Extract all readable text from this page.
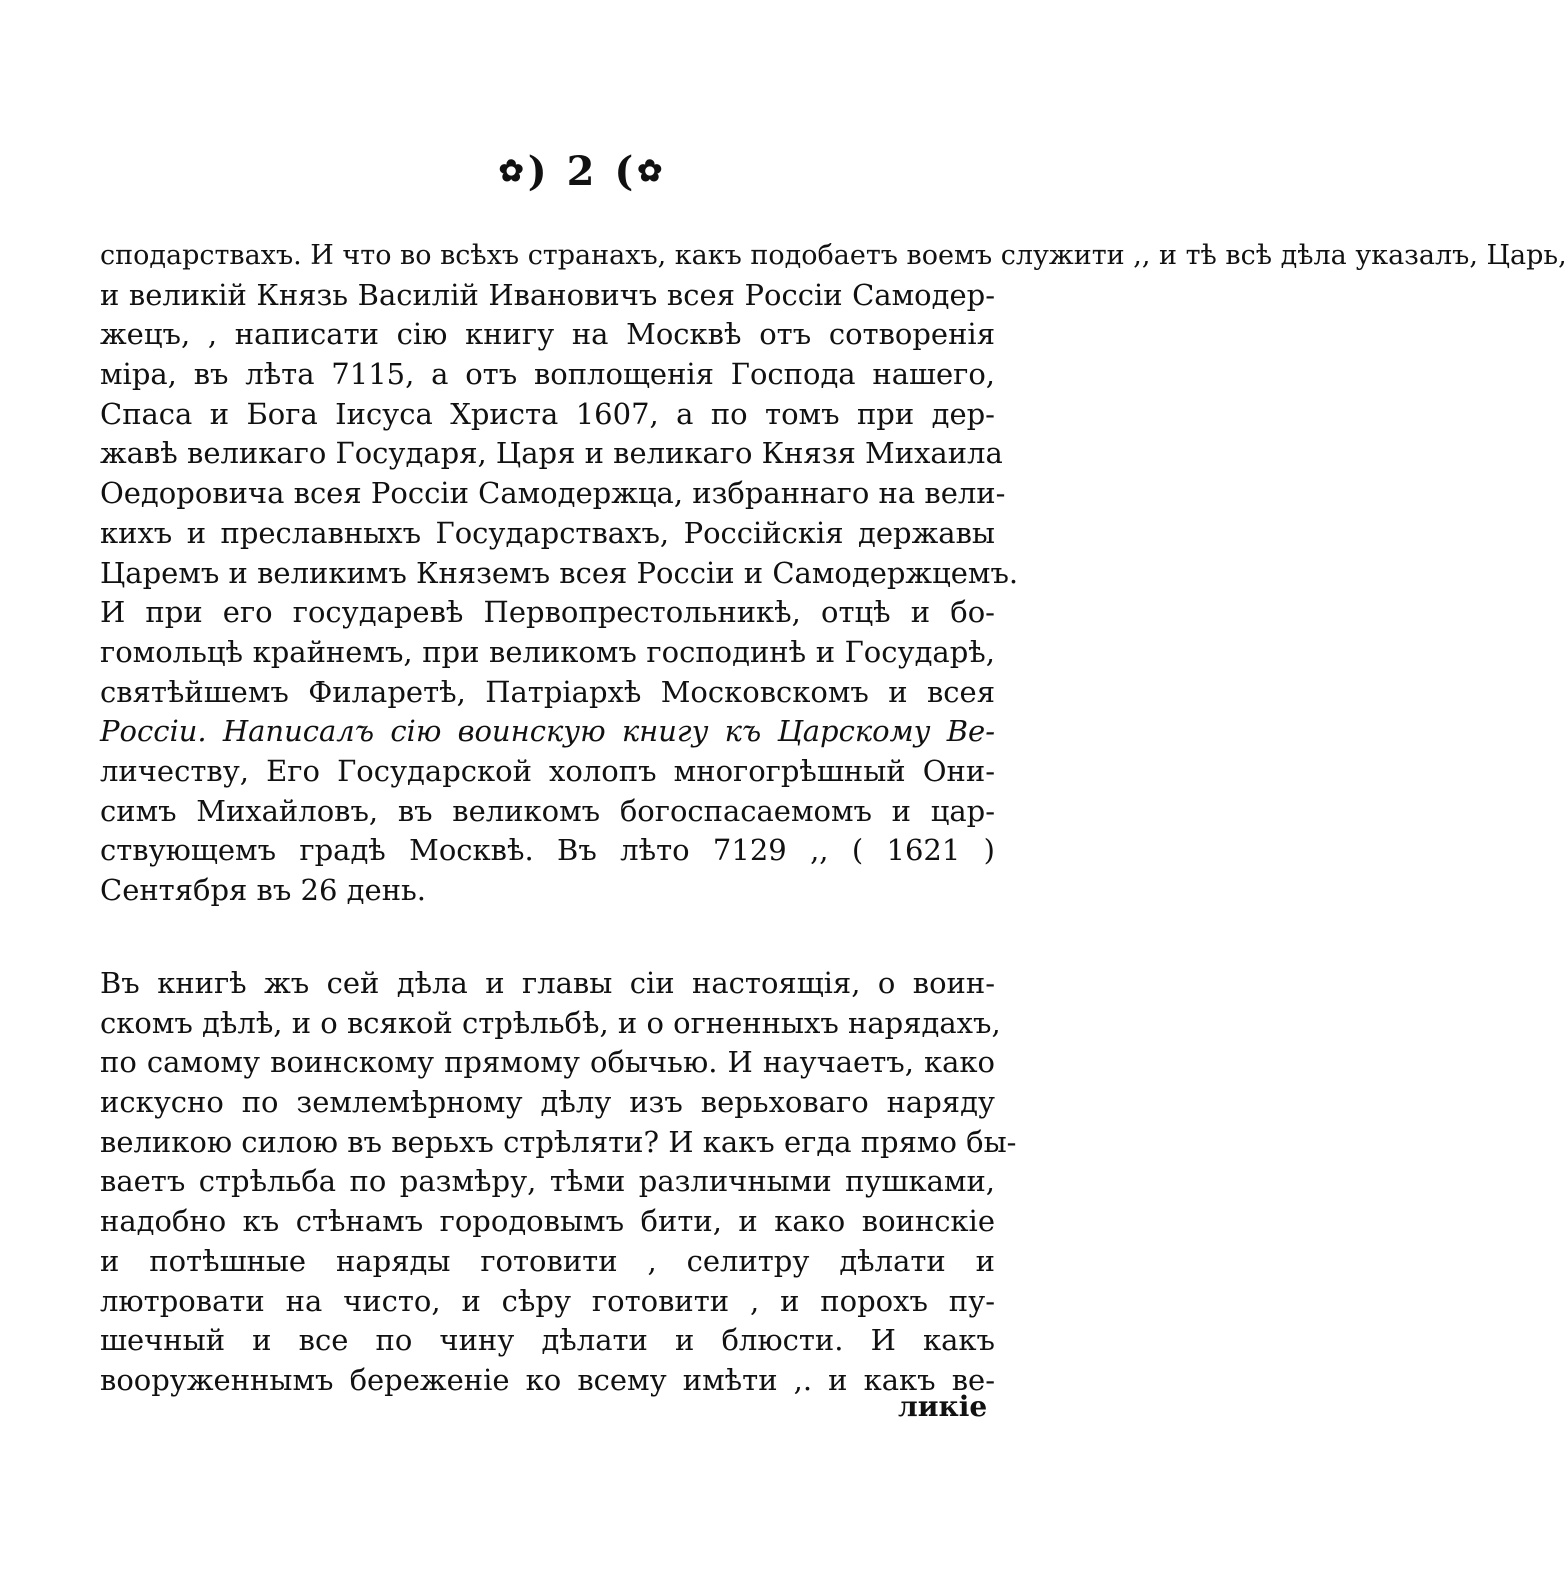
✿) 2 (✿
сподарствахъ. И что во всѣхъ странахъ, какъ подобаетъ воемъ служити ,, и тѣ всѣ дѣла указалъ, Царь,
и великій Князь Василій Ивановичъ всея Россіи Самодер-
жецъ, , написати сію книгу на Москвѣ отъ сотворенія
міра, въ лѣта 7115, а отъ воплощенія Господа нашего,
Спаса и Бога Іисуса Христа 1607, а по томъ при дер-
жавѣ великаго Государя, Царя и великаго Князя Михаила
Оедоровича всея Россіи Самодержца, избраннаго на вели-
кихъ и преславныхъ Государствахъ, Россійскія державы
Царемъ и великимъ Княземъ всея Россіи и Самодержцемъ.
И при его государевѣ Первопрестольникѣ, отцѣ и бо-
гомольцѣ крайнемъ, при великомъ господинѣ и Государѣ,
святѣйшемъ Филаретѣ, Патріархѣ Московскомъ и всея
Россіи. Написалъ сію воинскую книгу къ Царскому Ве-
личеству, Его Государской холопъ многогрѣшный Они-
симъ Михайловъ, въ великомъ богоспасаемомъ и цар-
ствующемъ градѣ Москвѣ. Въ лѣто 7129 ,, ( 1621 )
Сентября въ 26 день.
Въ книгѣ жъ сей дѣла и главы сіи настоящія, о воин-
скомъ дѣлѣ, и о всякой стрѣльбѣ, и о огненныхъ нарядахъ,
по самому воинскому прямому обычью. И научаетъ, како
искусно по землемѣрному дѣлу изъ верьховаго наряду
великою силою въ верьхъ стрѣляти? И какъ егда прямо бы-
ваетъ стрѣльба по размѣру, тѣми различными пушками,
надобно къ стѣнамъ городовымъ бити, и како воинскіе
и потѣшные наряды готовити , селитру дѣлати и
лютровати на чисто, и сѣру готовити , и порохъ пу-
шечный и все по чину дѣлати и блюсти. И какъ
вооруженнымъ береженіе ко всему имѣти ,. и какъ ве-
ликіе
